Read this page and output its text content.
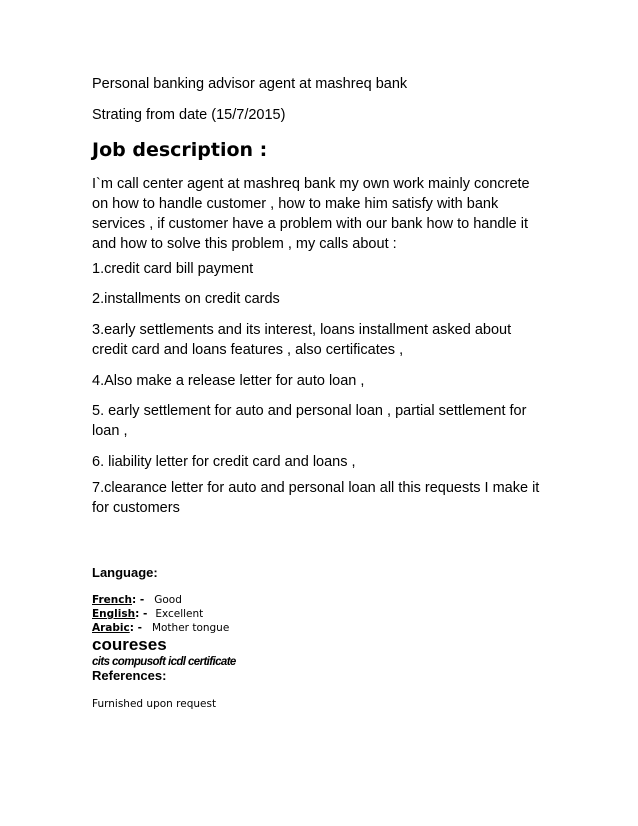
Personal banking advisor agent at mashreq bank

Strating from date (15/7/2015)

Job description :

I`m call center agent at mashreq bank my own work mainly concrete

on how to handle customer , how to make him satisfy with bank

services , if customer have a problem with our bank how to handle it

and how to solve this problem , my calls about :

1.credit card bill payment

2.installments on credit cards

3.early settlements and its interest, loans installment asked about

credit card and loans features , also certificates ,

4.Also make a release letter for auto loan ,

5. early settlement for auto and personal loan , partial settlement for

loan ,

6. liability letter for credit card and loans ,

7.clearance letter for auto and personal loan all this requests I make it

for customers

Language:

French: - Good

English: - Excellent

Arabic: - Mother tongue

coureses

cits compusoft icdl certificate

References:

Furnished upon request
